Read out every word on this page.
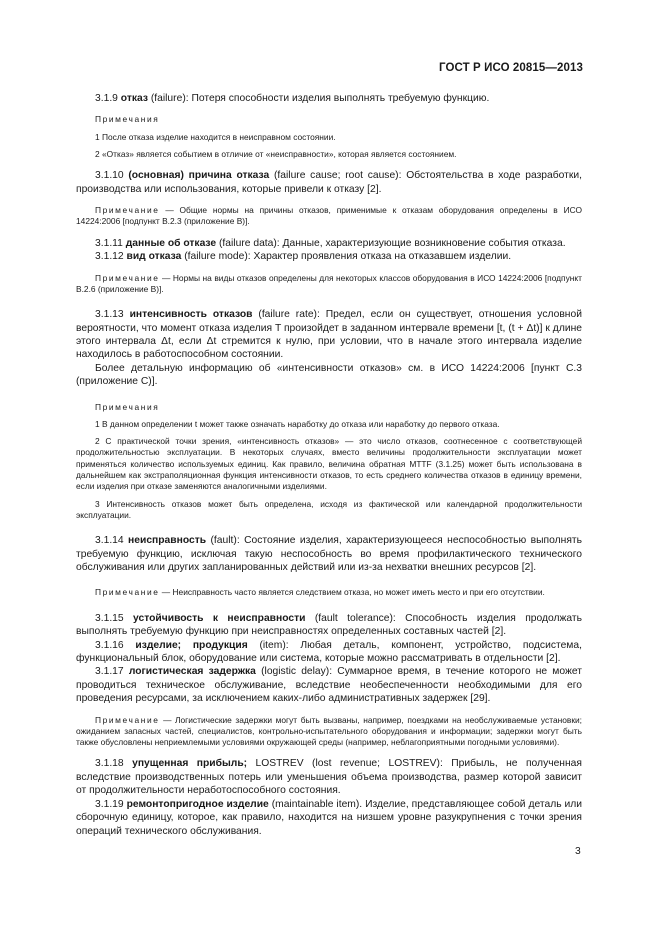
ГОСТ Р ИСО 20815—2013

3.1.9 отказ (failure): Потеря способности изделия выполнять требуемую функцию.

Примечания

1 После отказа изделие находится в неисправном состоянии.

2 «Отказ» является событием в отличие от «неисправности», которая является состоянием.

3.1.10 (основная) причина отказа (failure cause; root cause): Обстоятельства в ходе разработки, производства или использования, которые привели к отказу [2].

Примечание — Общие нормы на причины отказов, применимые к отказам оборудования определены в ИСО 14224:2006 [подпункт B.2.3 (приложение B)].

3.1.11 данные об отказе (failure data): Данные, характеризующие возникновение события отказа.

3.1.12 вид отказа (failure mode): Характер проявления отказа на отказавшем изделии.

Примечание — Нормы на виды отказов определены для некоторых классов оборудования в ИСО 14224:2006 [подпункт B.2.6 (приложение B)].

3.1.13 интенсивность отказов (failure rate): Предел, если он существует, отношения условной вероятности, что момент отказа изделия T произойдет в заданном интервале времени [t, (t + Δt)] к длине этого интервала Δt, если Δt стремится к нулю, при условии, что в начале этого интервала изделие находилось в работоспособном состоянии.

Более детальную информацию об «интенсивности отказов» см. в ИСО 14224:2006 [пункт C.3 (приложение C)].

Примечания

1 В данном определении t может также означать наработку до отказа или наработку до первого отказа.

2 С практической точки зрения, «интенсивность отказов» — это число отказов, соотнесенное с соответствующей продолжительностью эксплуатации. В некоторых случаях, вместо величины продолжительности эксплуатации может применяться количество используемых единиц. Как правило, величина обратная MTTF (3.1.25) может быть использована в дальнейшем как экстраполяционная функция интенсивности отказов, то есть среднего количества отказов в единицу времени, если изделия при отказе заменяются аналогичными изделиями.

3 Интенсивность отказов может быть определена, исходя из фактической или календарной продолжительности эксплуатации.

3.1.14 неисправность (fault): Состояние изделия, характеризующееся неспособностью выполнять требуемую функцию, исключая такую неспособность во время профилактического технического обслуживания или других запланированных действий или из-за нехватки внешних ресурсов [2].

Примечание — Неисправность часто является следствием отказа, но может иметь место и при его отсутствии.

3.1.15 устойчивость к неисправности (fault tolerance): Способность изделия продолжать выполнять требуемую функцию при неисправностях определенных составных частей [2].

3.1.16 изделие; продукция (item): Любая деталь, компонент, устройство, подсистема, функциональный блок, оборудование или система, которые можно рассматривать в отдельности [2].

3.1.17 логистическая задержка (logistic delay): Суммарное время, в течение которого не может проводиться техническое обслуживание, вследствие необеспеченности необходимыми для его проведения ресурсами, за исключением каких-либо административных задержек [29].

Примечание — Логистические задержки могут быть вызваны, например, поездками на необслуживаемые установки; ожиданием запасных частей, специалистов, контрольно-испытательного оборудования и информации; задержки могут быть также обусловлены неприемлемыми условиями окружающей среды (например, неблагоприятными погодными условиями).

3.1.18 упущенная прибыль; LOSTREV (lost revenue; LOSTREV): Прибыль, не полученная вследствие производственных потерь или уменьшения объема производства, размер которой зависит от продолжительности неработоспособного состояния.

3.1.19 ремонтопригодное изделие (maintainable item). Изделие, представляющее собой деталь или сборочную единицу, которое, как правило, находится на низшем уровне разукрупнения с точки зрения операций технического обслуживания.

3
